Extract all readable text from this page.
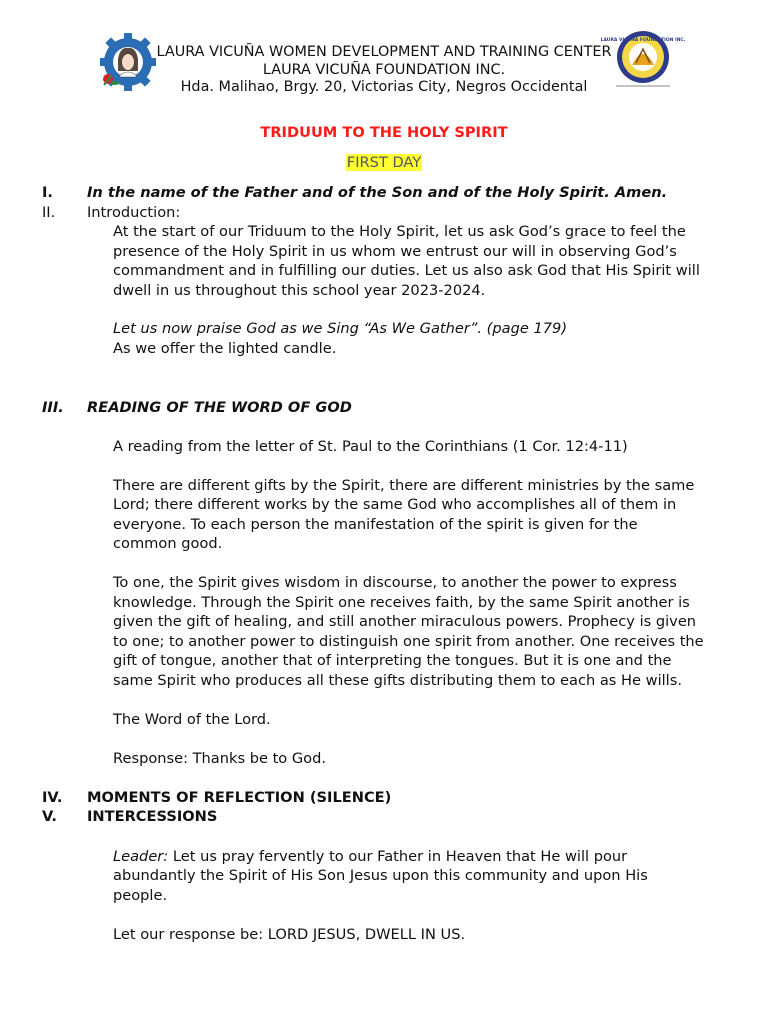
LAURA VICUÑA FOUNDATION INC.
LAURA VICUÑA WOMEN DEVELOPMENT AND TRAINING CENTER
LAURA VICUÑA FOUNDATION INC.
Hda. Malihao, Brgy. 20, Victorias City, Negros Occidental
TRIDUUM TO THE HOLY SPIRIT
FIRST DAY
I. In the name of the Father and of the Son and of the Holy Spirit. Amen.
II. Introduction:
At the start of our Triduum to the Holy Spirit, let us ask God’s grace to feel the
presence of the Holy Spirit in us whom we entrust our will in observing God’s
commandment and in fulfilling our duties. Let us also ask God that His Spirit will
dwell in us throughout this school year 2023-2024.
Let us now praise God as we Sing “As We Gather”. (page 179)
As we offer the lighted candle.
III. READING OF THE WORD OF GOD
A reading from the letter of St. Paul to the Corinthians (1 Cor. 12:4-11)
There are different gifts by the Spirit, there are different ministries by the same
Lord; there different works by the same God who accomplishes all of them in
everyone. To each person the manifestation of the spirit is given for the
common good.
To one, the Spirit gives wisdom in discourse, to another the power to express
knowledge. Through the Spirit one receives faith, by the same Spirit another is
given the gift of healing, and still another miraculous powers. Prophecy is given
to one; to another power to distinguish one spirit from another. One receives the
gift of tongue, another that of interpreting the tongues. But it is one and the
same Spirit who produces all these gifts distributing them to each as He wills.
The Word of the Lord.
Response: Thanks be to God.
IV. MOMENTS OF REFLECTION (SILENCE)
V. INTERCESSIONS
Leader: Let us pray fervently to our Father in Heaven that He will pour
abundantly the Spirit of His Son Jesus upon this community and upon His
people.
Let our response be: LORD JESUS, DWELL IN US.
